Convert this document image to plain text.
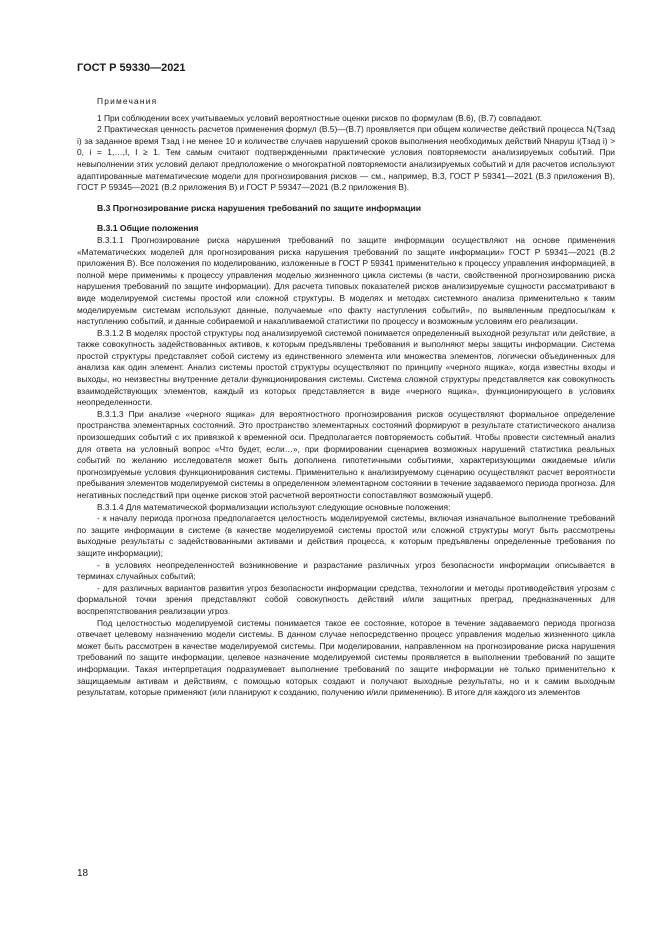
ГОСТ Р 59330—2021
Примечания

1 При соблюдении всех учитываемых условий вероятностные оценки рисков по формулам (В.6), (В.7) совпадают.

2 Практическая ценность расчетов применения формул (В.5)—(В.7) проявляется при общем количестве действий процесса Nᵢ(Tзад i) за заданное время Tзад i не менее 10 и количестве случаев нарушений сроков выполнения необходимых действий Nнаруш i(Tзад i) > 0, i = 1,…,I, I ≥ 1. Тем самым считают подтвержденными практические условия повторяемости анализируемых событий. При невыполнении этих условий делают предположение о многократной повторяемости анализируемых событий и для расчетов используют адаптированные математические модели для прогнозирования рисков — см., например, В.3, ГОСТ Р 59341—2021 (В.3 приложения В), ГОСТ Р 59345—2021 (В.2 приложения В) и ГОСТ Р 59347—2021 (В.2 приложения В).

В.3 Прогнозирование риска нарушения требований по защите информации
В.3.1 Общие положения

В.3.1.1 Прогнозирование риска нарушения требований по защите информации осуществляют на основе применения «Математических моделей для прогнозирования риска нарушения требований по защите информации» ГОСТ Р 59341—2021 (В.2 приложения В). Все положения по моделированию, изложенные в ГОСТ Р 59341 применительно к процессу управления информацией, в полной мере применимы к процессу управления моделью жизненного цикла системы (в части, свойственной прогнозированию риска нарушения требований по защите информации). Для расчета типовых показателей рисков анализируемые сущности рассматривают в виде моделируемой системы простой или сложной структуры. В моделях и методах системного анализа применительно к таким моделируемым системам используют данные, получаемые «по факту наступления событий», по выявленным предпосылкам к наступлению событий, и данные собираемой и накапливаемой статистики по процессу и возможным условиям его реализации.

В.3.1.2 В моделях простой структуры под анализируемой системой понимается определенный выходной результат или действие, а также совокупность задействованных активов, к которым предъявлены требования и выполняют меры защиты информации. Система простой структуры представляет собой систему из единственного элемента или множества элементов, логически объединенных для анализа как один элемент. Анализ системы простой структуры осуществляют по принципу «черного ящика», когда известны входы и выходы, но неизвестны внутренние детали функционирования системы. Система сложной структуры представляется как совокупность взаимодействующих элементов, каждый из которых представляется в виде «черного ящика», функционирующего в условиях неопределенности.

В.3.1.3 При анализе «черного ящика» для вероятностного прогнозирования рисков осуществляют формальное определение пространства элементарных состояний. Это пространство элементарных состояний формируют в результате статистического анализа произошедших событий с их привязкой к временной оси. Предполагается повторяемость событий. Чтобы провести системный анализ для ответа на условный вопрос «Что будет, если…», при формировании сценариев возможных нарушений статистика реальных событий по желанию исследователя может быть дополнена гипотетичными событиями, характеризующими ожидаемые и/или прогнозируемые условия функционирования системы. Применительно к анализируемому сценарию осуществляют расчет вероятности пребывания элементов моделируемой системы в определенном элементарном состоянии в течение задаваемого периода прогноза. Для негативных последствий при оценке рисков этой расчетной вероятности сопоставляют возможный ущерб.

В.3.1.4 Для математической формализации используют следующие основные положения:

- к началу периода прогноза предполагается целостность моделируемой системы, включая изначальное выполнение требований по защите информации в системе (в качестве моделируемой системы простой или сложной структуры могут быть рассмотрены выходные результаты с задействованными активами и действия процесса, к которым предъявлены определенные требования по защите информации);

- в условиях неопределенностей возникновение и разрастание различных угроз безопасности информации описывается в терминах случайных событий;

- для различных вариантов развития угроз безопасности информации средства, технологии и методы противодействия угрозам с формальной точки зрения представляют собой совокупность действий и/или защитных преград, предназначенных для воспрепятствования реализации угроз.

Под целостностью моделируемой системы понимается такое ее состояние, которое в течение задаваемого периода прогноза отвечает целевому назначению модели системы. В данном случае непосредственно процесс управления моделью жизненного цикла может быть рассмотрен в качестве моделируемой системы. При моделировании, направленном на прогнозирование риска нарушения требований по защите информации, целевое назначение моделируемой системы проявляется в выполнении требований по защите информации. Такая интерпретация подразумевает выполнение требований по защите информации не только применительно к защищаемым активам и действиям, с помощью которых создают и получают выходные результаты, но и к самим выходным результатам, которые применяют (или планируют к созданию, получению и/или применению). В итоге для каждого из элементов

18
